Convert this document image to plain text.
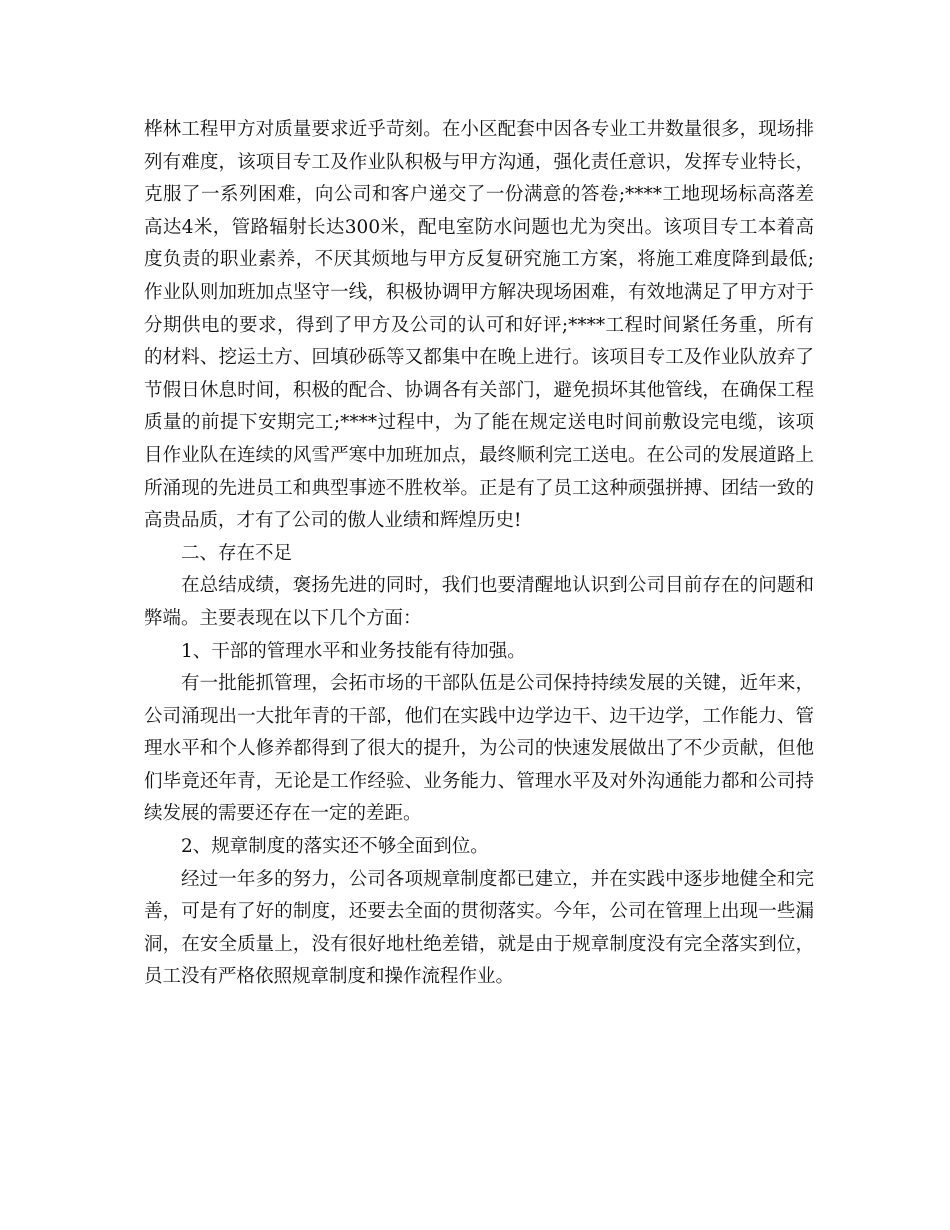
桦林工程甲方对质量要求近乎苛刻。在小区配套中因各专业工井数量很多，现场排列有难度，该项目专工及作业队积极与甲方沟通，强化责任意识，发挥专业特长，克服了一系列困难，向公司和客户递交了一份满意的答卷;****工地现场标高落差高达4米，管路辐射长达300米，配电室防水问题也尤为突出。该项目专工本着高度负责的职业素养，不厌其烦地与甲方反复研究施工方案，将施工难度降到最低;作业队则加班加点坚守一线，积极协调甲方解决现场困难，有效地满足了甲方对于分期供电的要求，得到了甲方及公司的认可和好评;****工程时间紧任务重，所有的材料、挖运土方、回填砂砾等又都集中在晚上进行。该项目专工及作业队放弃了节假日休息时间，积极的配合、协调各有关部门，避免损坏其他管线，在确保工程质量的前提下安期完工;****过程中，为了能在规定送电时间前敷设完电缆，该项目作业队在连续的风雪严寒中加班加点，最终顺利完工送电。在公司的发展道路上所涌现的先进员工和典型事迹不胜枚举。正是有了员工这种顽强拼搏、团结一致的高贵品质，才有了公司的傲人业绩和辉煌历史!

二、存在不足

在总结成绩，褒扬先进的同时，我们也要清醒地认识到公司目前存在的问题和弊端。主要表现在以下几个方面：

1、干部的管理水平和业务技能有待加强。

有一批能抓管理，会拓市场的干部队伍是公司保持持续发展的关键，近年来，公司涌现出一大批年青的干部，他们在实践中边学边干、边干边学，工作能力、管理水平和个人修养都得到了很大的提升，为公司的快速发展做出了不少贡献，但他们毕竟还年青，无论是工作经验、业务能力、管理水平及对外沟通能力都和公司持续发展的需要还存在一定的差距。

2、规章制度的落实还不够全面到位。

经过一年多的努力，公司各项规章制度都已建立，并在实践中逐步地健全和完善，可是有了好的制度，还要去全面的贯彻落实。今年，公司在管理上出现一些漏洞，在安全质量上，没有很好地杜绝差错，就是由于规章制度没有完全落实到位，员工没有严格依照规章制度和操作流程作业。
